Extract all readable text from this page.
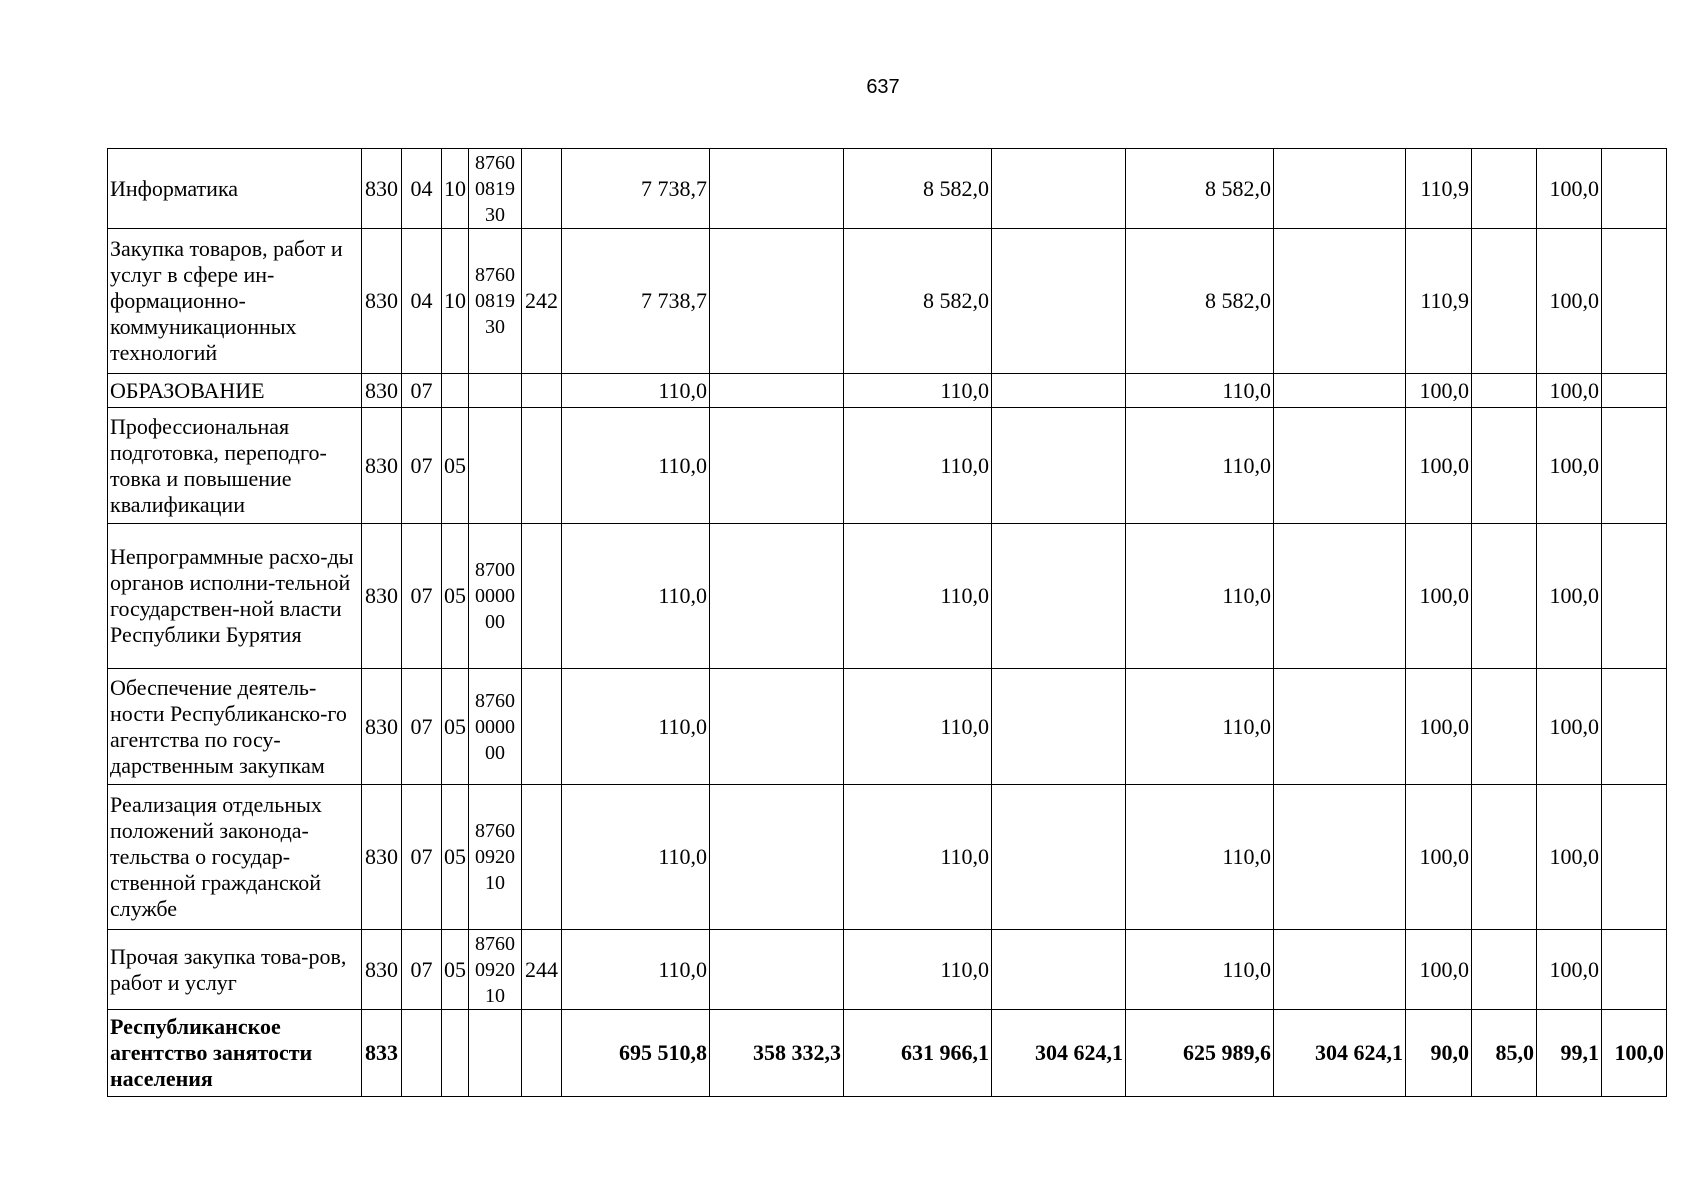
637
Информатика	830	04	10	8760
0819
30		7 738,7		8 582,0		8 582,0		110,9		100,0	
Закупка товаров, работ и услуг в сфере ин-формационно-коммуникационных технологий	830	04	10	8760
0819
30	242	7 738,7		8 582,0		8 582,0		110,9		100,0	
ОБРАЗОВАНИЕ	830	07				110,0		110,0		110,0		100,0		100,0	
Профессиональная подготовка, переподго-товка и повышение квалификации	830	07	05			110,0		110,0		110,0		100,0		100,0	
Непрограммные расхо-ды органов исполни-тельной государствен-ной власти Республики Бурятия	830	07	05	8700
0000
00		110,0		110,0		110,0		100,0		100,0	
Обеспечение деятель-ности Республиканско-го агентства по госу-дарственным закупкам	830	07	05	8760
0000
00		110,0		110,0		110,0		100,0		100,0	
Реализация отдельных положений законода-тельства о государ-ственной гражданской службе	830	07	05	8760
0920
10		110,0		110,0		110,0		100,0		100,0	
Прочая закупка това-ров, работ и услуг	830	07	05	8760
0920
10	244	110,0		110,0		110,0		100,0		100,0	
Республиканское агентство занятости населения	833					695 510,8	358 332,3	631 966,1	304 624,1	625 989,6	304 624,1	90,0	85,0	99,1	100,0
